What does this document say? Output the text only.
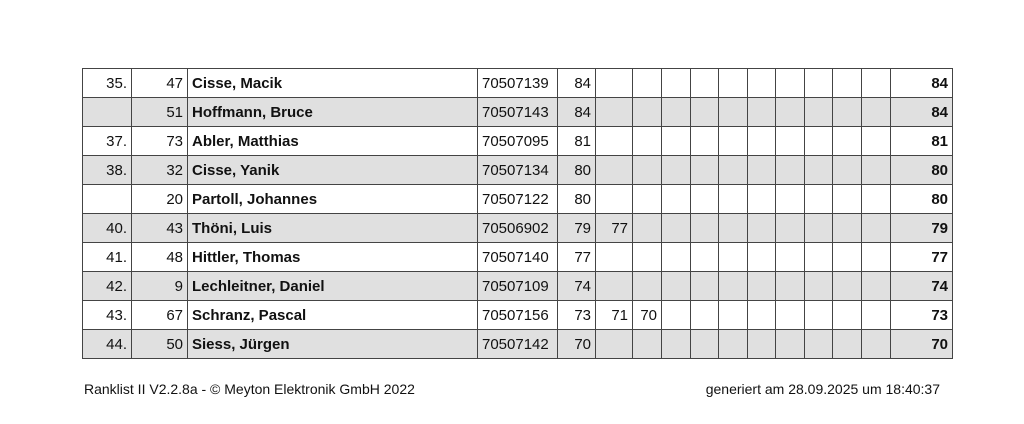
35.	47	Cisse, Macik	70507139	84											84
	51	Hoffmann, Bruce	70507143	84											84
37.	73	Abler, Matthias	70507095	81											81
38.	32	Cisse, Yanik	70507134	80											80
	20	Partoll, Johannes	70507122	80											80
40.	43	Thöni, Luis	70506902	79	77										79
41.	48	Hittler, Thomas	70507140	77											77
42.	9	Lechleitner, Daniel	70507109	74											74
43.	67	Schranz, Pascal	70507156	73	71	70									73
44.	50	Siess, Jürgen	70507142	70											70
Ranklist II V2.2.8a - © Meyton Elektronik GmbH 2022	generiert am 28.09.2025 um 18:40:37
